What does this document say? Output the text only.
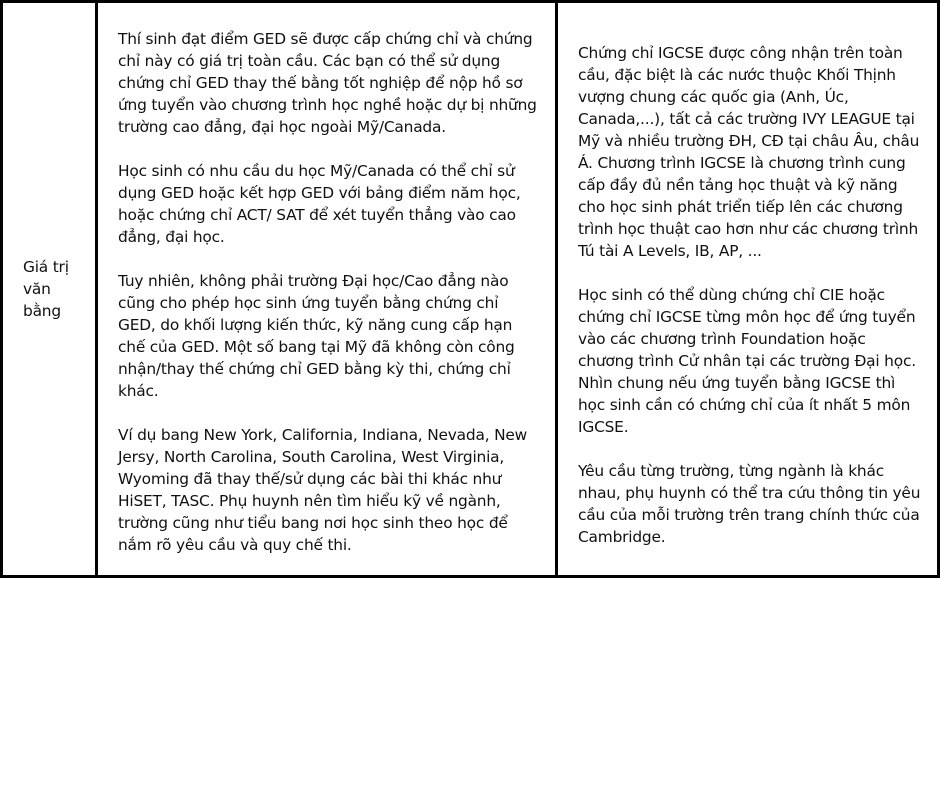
Giá trị văn bằng

Thí sinh đạt điểm GED sẽ được cấp chứng chỉ và chứng chỉ này có giá trị toàn cầu. Các bạn có thể sử dụng chứng chỉ GED thay thế bằng tốt nghiệp để nộp hồ sơ ứng tuyển vào chương trình học nghề hoặc dự bị những trường cao đẳng, đại học ngoài Mỹ/Canada.

Học sinh có nhu cầu du học Mỹ/Canada có thể chỉ sử dụng GED hoặc kết hợp GED với bảng điểm năm học, hoặc chứng chỉ ACT/ SAT để xét tuyển thẳng vào cao đẳng, đại học.

Tuy nhiên, không phải trường Đại học/Cao đẳng nào cũng cho phép học sinh ứng tuyển bằng chứng chỉ GED, do khối lượng kiến thức, kỹ năng cung cấp hạn chế của GED. Một số bang tại Mỹ đã không còn công nhận/thay thế chứng chỉ GED bằng kỳ thi, chứng chỉ khác.

Ví dụ bang New York, California, Indiana, Nevada, New Jersy, North Carolina, South Carolina, West Virginia, Wyoming đã thay thế/sử dụng các bài thi khác như HiSET, TASC. Phụ huynh nên tìm hiểu kỹ về ngành, trường cũng như tiểu bang nơi học sinh theo học để nắm rõ yêu cầu và quy chế thi.

Chứng chỉ IGCSE được công nhận trên toàn cầu, đặc biệt là các nước thuộc Khối Thịnh vượng chung các quốc gia (Anh, Úc, Canada,...), tất cả các trường IVY LEAGUE tại Mỹ và nhiều trường ĐH, CĐ tại châu Âu, châu Á. Chương trình IGCSE là chương trình cung cấp đầy đủ nền tảng học thuật và kỹ năng cho học sinh phát triển tiếp lên các chương trình học thuật cao hơn như các chương trình Tú tài A Levels, IB, AP, ...

Học sinh có thể dùng chứng chỉ CIE hoặc chứng chỉ IGCSE từng môn học để ứng tuyển vào các chương trình Foundation hoặc chương trình Cử nhân tại các trường Đại học. Nhìn chung nếu ứng tuyển bằng IGCSE thì học sinh cần có chứng chỉ của ít nhất 5 môn IGCSE.

Yêu cầu từng trường, từng ngành là khác nhau, phụ huynh có thể tra cứu thông tin yêu cầu của mỗi trường trên trang chính thức của Cambridge.
